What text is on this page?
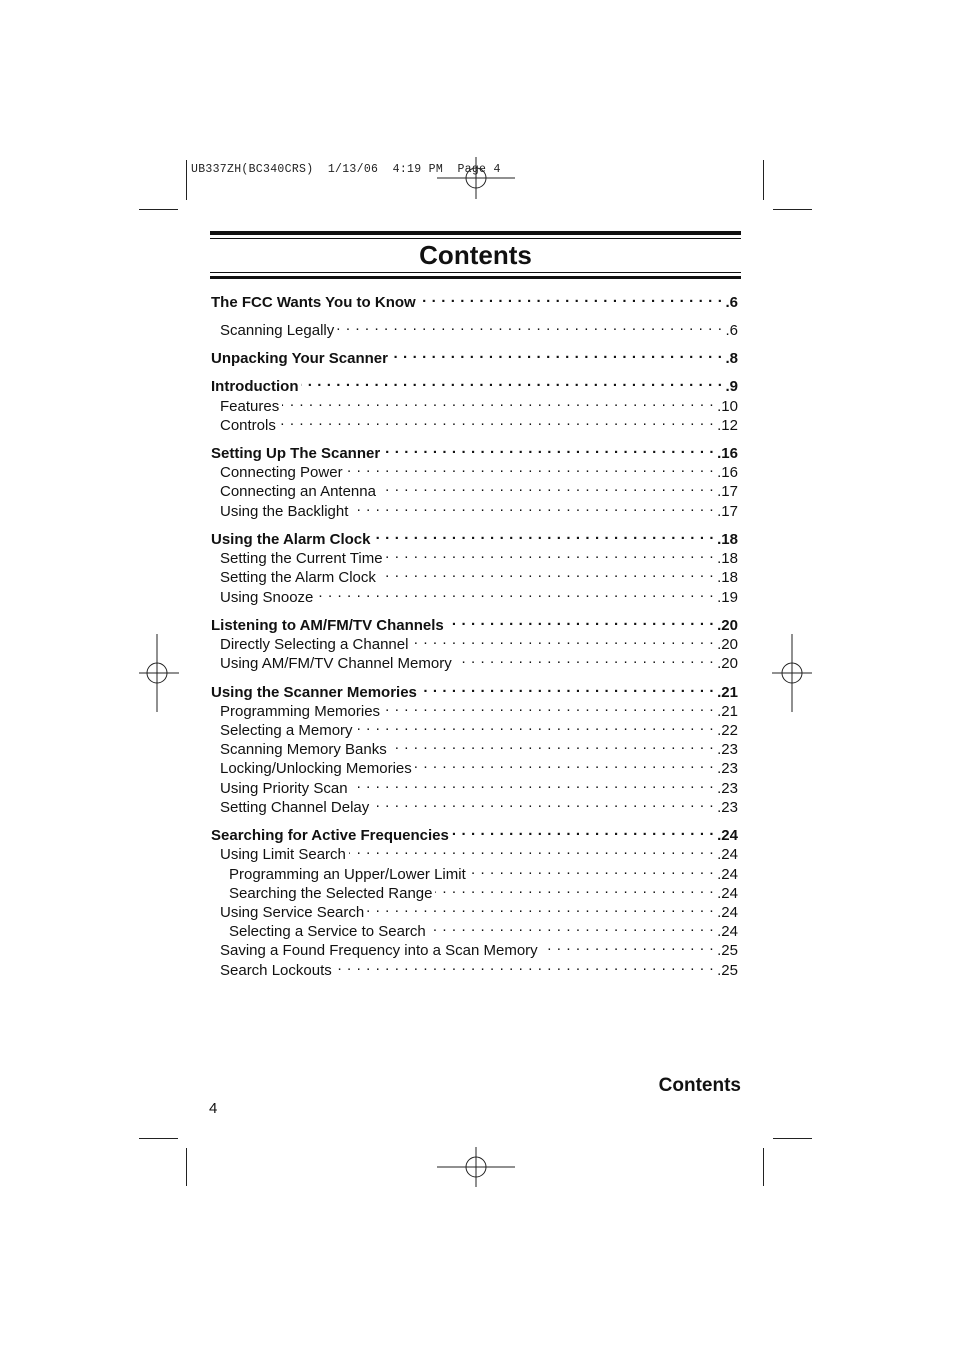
UB337ZH(BC340CRS)  1/13/06  4:19 PM  Page 4
Contents
The FCC Wants You to Know . . .	.6
Scanning Legally . . .	.6
Unpacking Your Scanner . . .	.8
Introduction . . .	.9
Features . . .	.10
Controls . . .	.12
Setting Up The Scanner . . .	.16
Connecting Power . . .	.16
Connecting an Antenna . . .	.17
Using the Backlight . . .	.17
Using the Alarm Clock . . .	.18
Setting the Current Time . . .	.18
Setting the Alarm Clock . . .	.18
Using Snooze . . .	.19
Listening to AM/FM/TV Channels . . .	.20
Directly Selecting a Channel . . .	.20
Using AM/FM/TV Channel Memory . . .	.20
Using the Scanner Memories . . .	.21
Programming Memories . . .	.21
Selecting a Memory . . .	.22
Scanning Memory Banks . . .	.23
Locking/Unlocking Memories . . .	.23
Using Priority Scan . . .	.23
Setting Channel Delay . . .	.23
Searching for Active Frequencies . . .	.24
Using Limit Search . . .	.24
Programming an Upper/Lower Limit . . .	.24
Searching the Selected Range . . .	.24
Using Service Search . . .	.24
Selecting a Service to Search . . .	.24
Saving a Found Frequency into a Scan Memory . . .	.25
Search Lockouts . . .	.25
Contents
4
